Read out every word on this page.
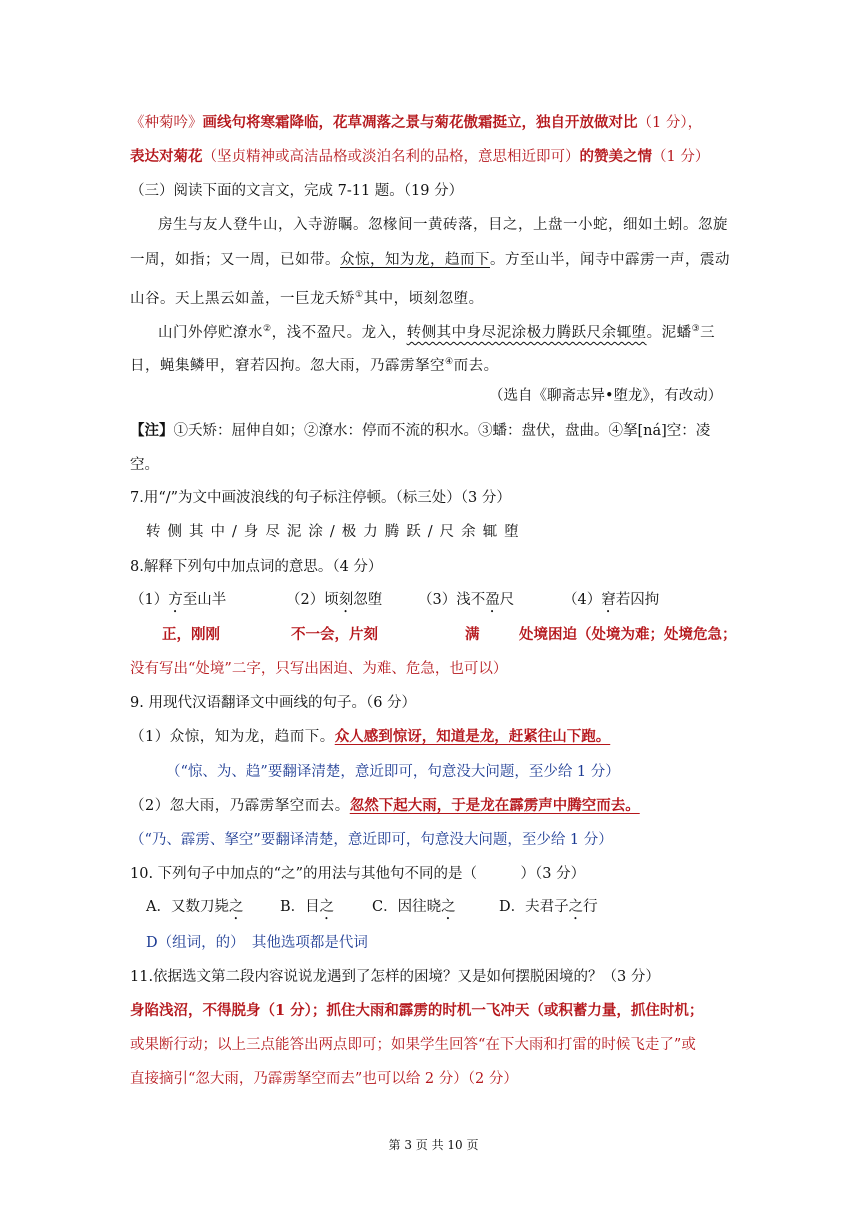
《种菊吟》画线句将寒霜降临，花草凋落之景与菊花傲霜挺立，独自开放做对比（1 分），
表达对菊花（坚贞精神或高洁品格或淡泊名利的品格，意思相近即可）的赞美之情（1 分）
（三）阅读下面的文言文，完成 7-11 题。（19 分）
房生与友人登牛山，入寺游瞩。忽椽间一黄砖落，目之，上盘一小蛇，细如土蚓。忽旋
一周，如指；又一周，已如带。众惊，知为龙，趋而下。方至山半，闻寺中霹雳一声，震动
山谷。天上黑云如盖，一巨龙夭矫①其中，顷刻忽堕。
山门外停贮潦水②，浅不盈尺。龙入，转侧其中身尽泥涂极力腾跃尺余辄堕。泥蟠③三
日，蝇集鳞甲，窘若囚拘。忽大雨，乃霹雳拏空④而去。
（选自《聊斋志异•堕龙》，有改动）
【注】①夭矫：屈伸自如；②潦水：停而不流的积水。③蟠：盘伏，盘曲。④拏[ná]空：凌
空。
7.用“/”为文中画波浪线的句子标注停顿。（标三处）（3 分）
转侧其中/身尽泥涂/极力腾跃/尺余辄堕
8.解释下列句中加点词的意思。（4 分）
（1）方至山半	（2）顷刻忽堕 （3）浅不盈尺	（4）窘若囚拘
正，刚刚	不一会，片刻	满	处境困迫（处境为难；处境危急；
没有写出“处境”二字，只写出困迫、为难、危急，也可以）
9. 用现代汉语翻译文中画线的句子。（6 分）
（1）众惊，知为龙，趋而下。众人感到惊讶，知道是龙，赶紧往山下跑。
（“惊、为、趋”要翻译清楚，意近即可，句意没大问题，至少给 1 分）
（2）忽大雨，乃霹雳拏空而去。忽然下起大雨，于是龙在霹雳声中腾空而去。
（“乃、霹雳、拏空”要翻译清楚，意近即可，句意没大问题，至少给 1 分）
10. 下列句子中加点的“之”的用法与其他句不同的是（　　　）（3 分）
A．又数刀毙之	B．目之	C．因往晓之	D．夫君子之行
D（组词，的）　其他选项都是代词
11.依据选文第二段内容说说龙遇到了怎样的困境？又是如何摆脱困境的？（3 分）
身陷浅沼，不得脱身（1 分）；抓住大雨和霹雳的时机一飞冲天（或积蓄力量，抓住时机；
或果断行动；以上三点能答出两点即可；如果学生回答“在下大雨和打雷的时候飞走了”或
直接摘引“忽大雨，乃霹雳拏空而去”也可以给 2 分）（2 分）
第 3 页 共 10 页
